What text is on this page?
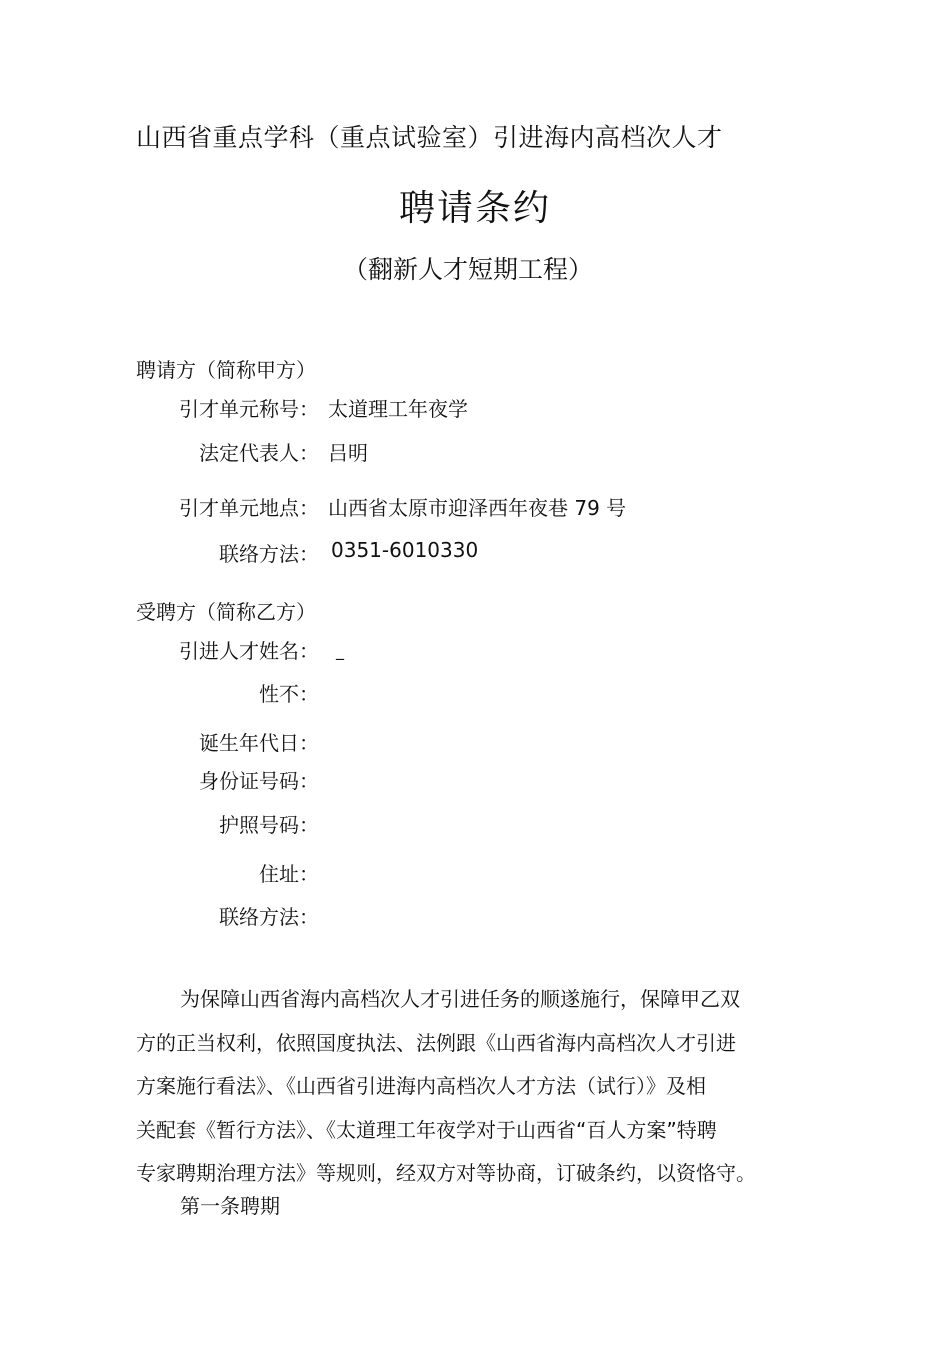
山西省重点学科（重点试验室）引进海内高档次人才
聘请条约
（翻新人才短期工程）
聘请方（简称甲方）
引才单元称号： 太道理工年夜学
法定代表人： 吕明
引才单元地点： 山西省太原市迎泽西年夜巷 79 号
联络方法： 0351-6010330
受聘方（简称乙方）
引进人才姓名： _
性不：
诞生年代日：
身份证号码：
护照号码：
住址：
联络方法：
为保障山西省海内高档次人才引进任务的顺遂施行，保障甲乙双
方的正当权利，依照国度执法、法例跟《山西省海内高档次人才引进
方案施行看法》、《山西省引进海内高档次人才方法（试行）》及相
关配套《暂行方法》、《太道理工年夜学对于山西省“百人方案”特聘
专家聘期治理方法》等规则，经双方对等协商，订破条约，以资恪守。
第一条聘期
